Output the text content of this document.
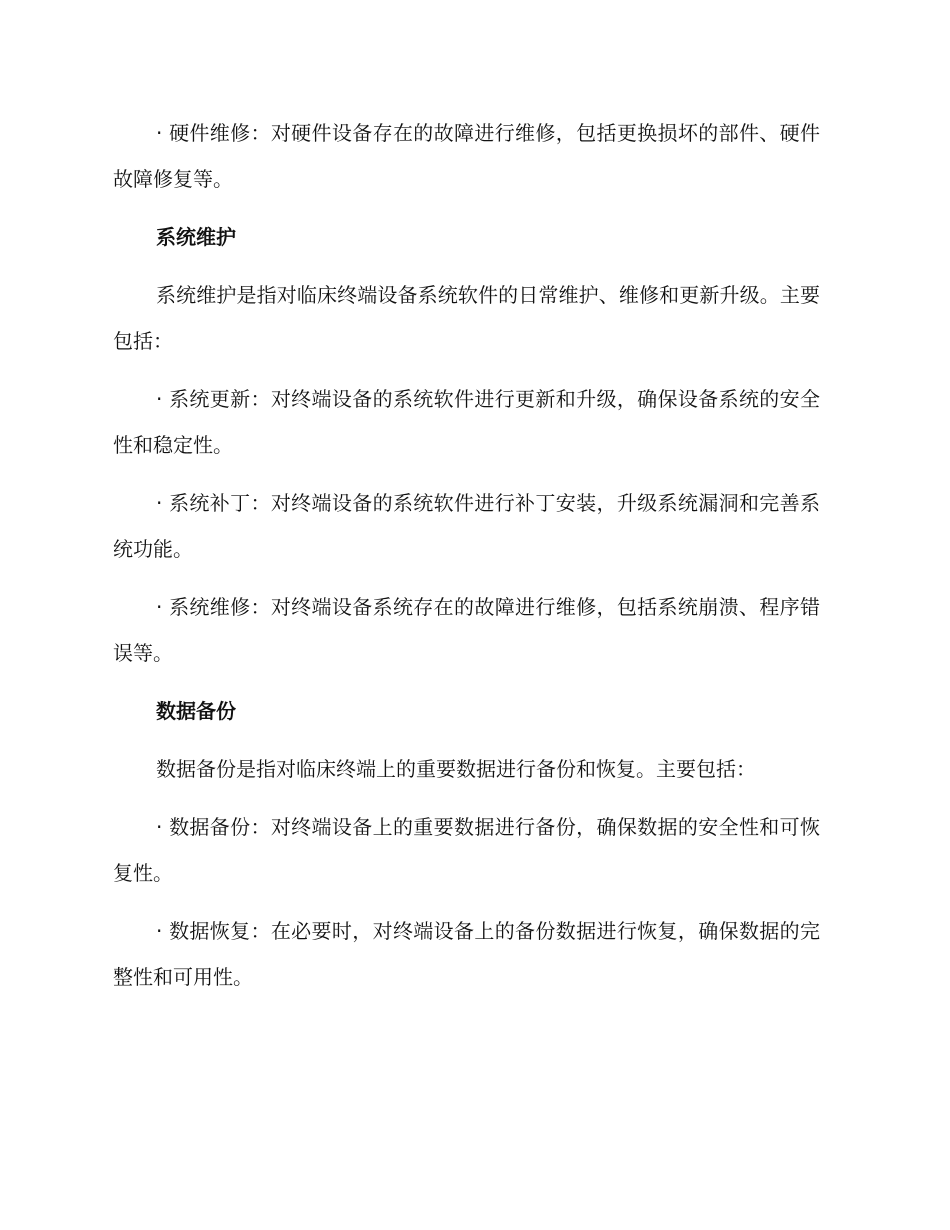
· 硬件维修：对硬件设备存在的故障进行维修，包括更换损坏的部件、硬件故障修复等。

系统维护

系统维护是指对临床终端设备系统软件的日常维护、维修和更新升级。主要包括：

· 系统更新：对终端设备的系统软件进行更新和升级，确保设备系统的安全性和稳定性。

· 系统补丁：对终端设备的系统软件进行补丁安装，升级系统漏洞和完善系统功能。

· 系统维修：对终端设备系统存在的故障进行维修，包括系统崩溃、程序错误等。

数据备份

数据备份是指对临床终端上的重要数据进行备份和恢复。主要包括：

· 数据备份：对终端设备上的重要数据进行备份，确保数据的安全性和可恢复性。

· 数据恢复：在必要时，对终端设备上的备份数据进行恢复，确保数据的完整性和可用性。
